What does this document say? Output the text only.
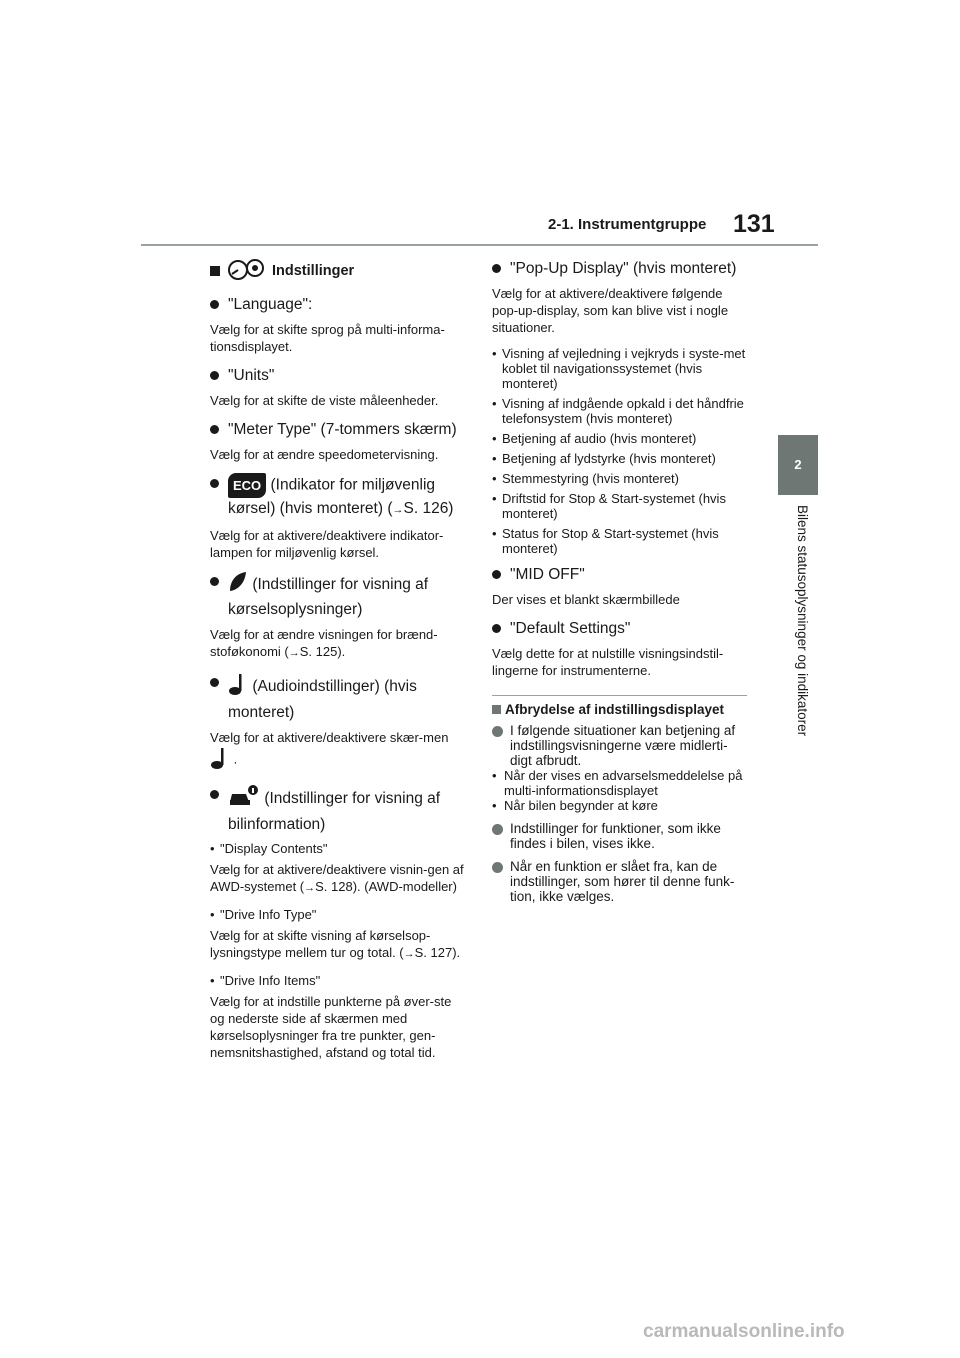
2-1. Instrumentgruppe 131
2
Bilens statusoplysninger og indikatorer
Indstillinger
"Language":
Vælg for at skifte sprog på multi-informa-tionsdisplayet.
"Units"
Vælg for at skifte de viste måleenheder.
"Meter Type" (7-tommers skærm)
Vælg for at ændre speedometervisning.
ECO (Indikator for miljøvenlig kørsel) (hvis monteret) (→S. 126)
Vælg for at aktivere/deaktivere indikator-lampen for miljøvenlig kørsel.
(Indstillinger for visning af kørselsoplysninger)
Vælg for at ændre visningen for brænd-stoføkonomi (→S. 125).
(Audioindstillinger) (hvis monteret)
Vælg for at aktivere/deaktivere skær-men  .
(Indstillinger for visning af bilinformation)
• "Display Contents"
Vælg for at aktivere/deaktivere visnin-gen af AWD-systemet (→S. 128). (AWD-modeller)
• "Drive Info Type"
Vælg for at skifte visning af kørselsop-lysningstype mellem tur og total. (→S. 127).
• "Drive Info Items"
Vælg for at indstille punkterne på øver-ste og nederste side af skærmen med kørselsoplysninger fra tre punkter, gen-nemsnitshastighed, afstand og total tid.
"Pop-Up Display" (hvis monteret)
Vælg for at aktivere/deaktivere følgende pop-up-display, som kan blive vist i nogle situationer.
• Visning af vejledning i vejkryds i syste-met koblet til navigationssystemet (hvis monteret)
• Visning af indgående opkald i det håndfrie telefonsystem (hvis monteret)
• Betjening af audio (hvis monteret)
• Betjening af lydstyrke (hvis monteret)
• Stemmestyring (hvis monteret)
• Driftstid for Stop & Start-systemet (hvis monteret)
• Status for Stop & Start-systemet (hvis monteret)
"MID OFF"
Der vises et blankt skærmbillede
"Default Settings"
Vælg dette for at nulstille visningsindstil-lingerne for instrumenterne.
Afbrydelse af indstillingsdisplayet
I følgende situationer kan betjening af indstillingsvisningerne være midlerti-digt afbrudt.
• Når der vises en advarselsmeddelelse på multi-informationsdisplayet
• Når bilen begynder at køre
Indstillinger for funktioner, som ikke findes i bilen, vises ikke.
Når en funktion er slået fra, kan de indstillinger, som hører til denne funk-tion, ikke vælges.
carmanualsonline.info
